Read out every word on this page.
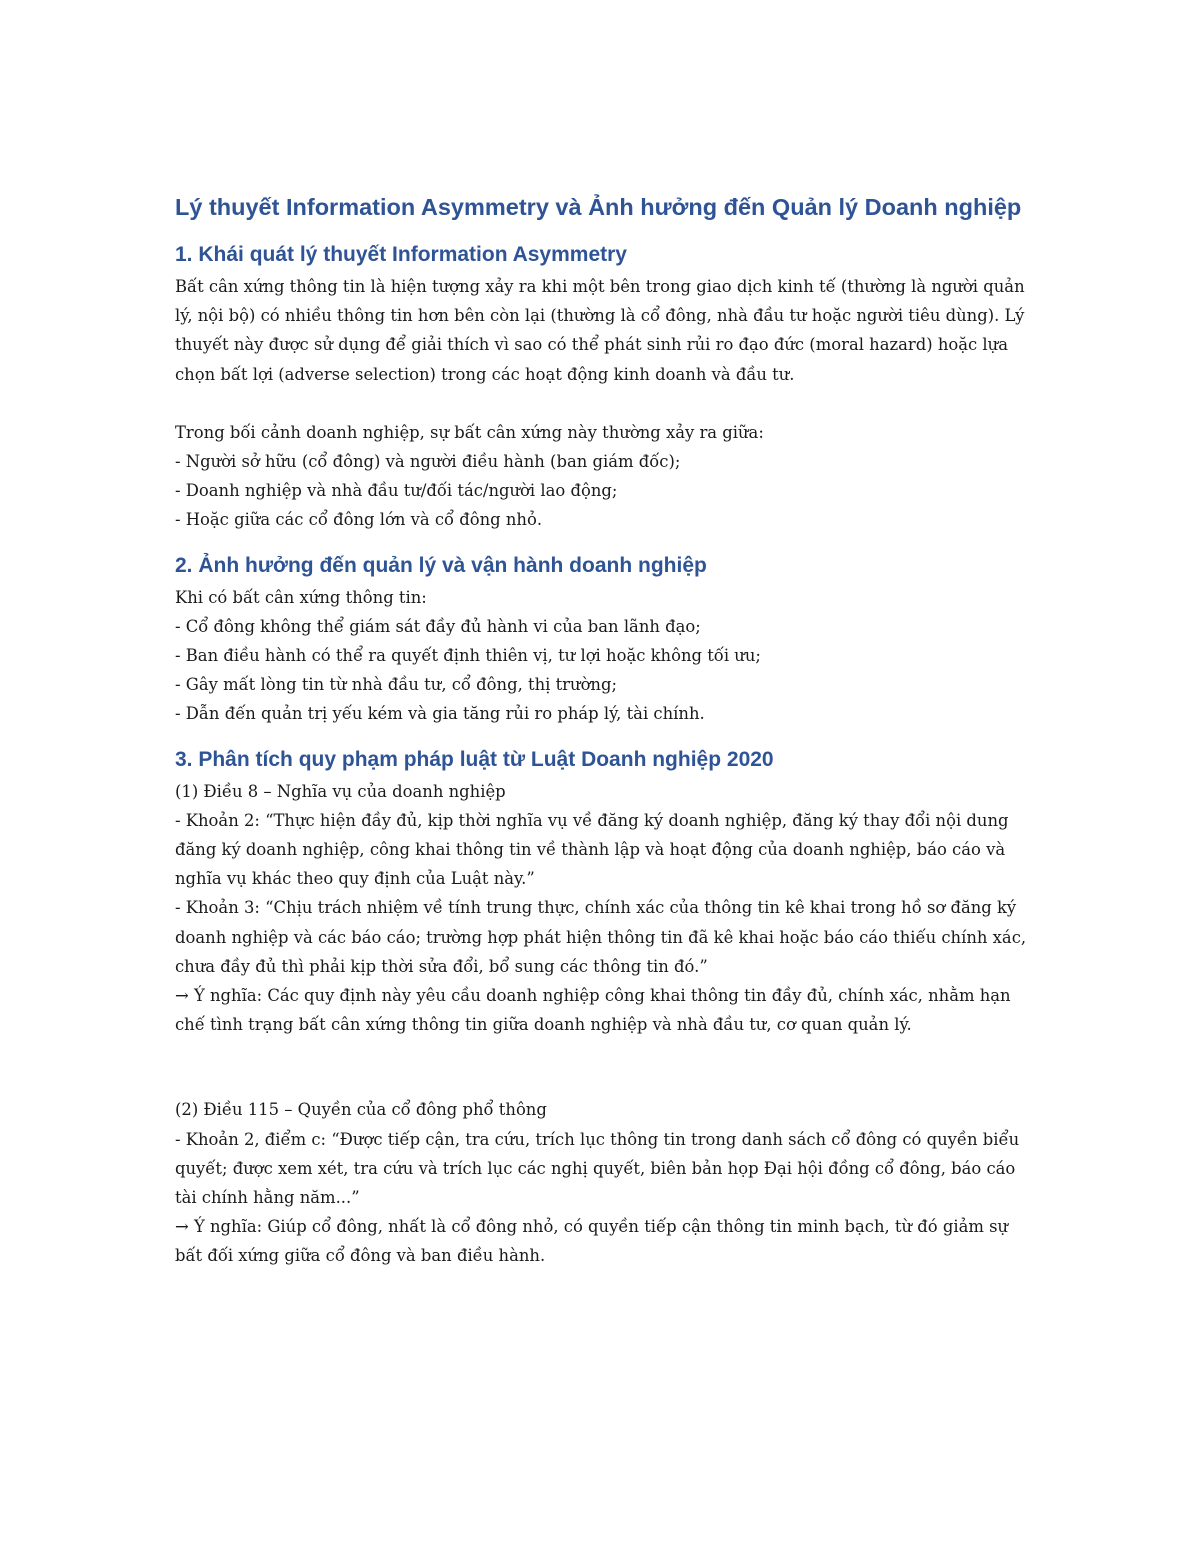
Lý thuyết Information Asymmetry và Ảnh hưởng đến Quản lý Doanh nghiệp
1. Khái quát lý thuyết Information Asymmetry

Bất cân xứng thông tin là hiện tượng xảy ra khi một bên trong giao dịch kinh tế (thường là người quản lý, nội bộ) có nhiều thông tin hơn bên còn lại (thường là cổ đông, nhà đầu tư hoặc người tiêu dùng). Lý thuyết này được sử dụng để giải thích vì sao có thể phát sinh rủi ro đạo đức (moral hazard) hoặc lựa chọn bất lợi (adverse selection) trong các hoạt động kinh doanh và đầu tư.

Trong bối cảnh doanh nghiệp, sự bất cân xứng này thường xảy ra giữa:

- Người sở hữu (cổ đông) và người điều hành (ban giám đốc);

- Doanh nghiệp và nhà đầu tư/đối tác/người lao động;

- Hoặc giữa các cổ đông lớn và cổ đông nhỏ.

2. Ảnh hưởng đến quản lý và vận hành doanh nghiệp

Khi có bất cân xứng thông tin:

- Cổ đông không thể giám sát đầy đủ hành vi của ban lãnh đạo;

- Ban điều hành có thể ra quyết định thiên vị, tư lợi hoặc không tối ưu;

- Gây mất lòng tin từ nhà đầu tư, cổ đông, thị trường;

- Dẫn đến quản trị yếu kém và gia tăng rủi ro pháp lý, tài chính.

3. Phân tích quy phạm pháp luật từ Luật Doanh nghiệp 2020

(1) Điều 8 – Nghĩa vụ của doanh nghiệp

- Khoản 2: “Thực hiện đầy đủ, kịp thời nghĩa vụ về đăng ký doanh nghiệp, đăng ký thay đổi nội dung đăng ký doanh nghiệp, công khai thông tin về thành lập và hoạt động của doanh nghiệp, báo cáo và nghĩa vụ khác theo quy định của Luật này.”

- Khoản 3: “Chịu trách nhiệm về tính trung thực, chính xác của thông tin kê khai trong hồ sơ đăng ký doanh nghiệp và các báo cáo; trường hợp phát hiện thông tin đã kê khai hoặc báo cáo thiếu chính xác, chưa đầy đủ thì phải kịp thời sửa đổi, bổ sung các thông tin đó.”

→ Ý nghĩa: Các quy định này yêu cầu doanh nghiệp công khai thông tin đầy đủ, chính xác, nhằm hạn chế tình trạng bất cân xứng thông tin giữa doanh nghiệp và nhà đầu tư, cơ quan quản lý.

(2) Điều 115 – Quyền của cổ đông phổ thông

- Khoản 2, điểm c: “Được tiếp cận, tra cứu, trích lục thông tin trong danh sách cổ đông có quyền biểu quyết; được xem xét, tra cứu và trích lục các nghị quyết, biên bản họp Đại hội đồng cổ đông, báo cáo tài chính hằng năm...”

→ Ý nghĩa: Giúp cổ đông, nhất là cổ đông nhỏ, có quyền tiếp cận thông tin minh bạch, từ đó giảm sự bất đối xứng giữa cổ đông và ban điều hành.
